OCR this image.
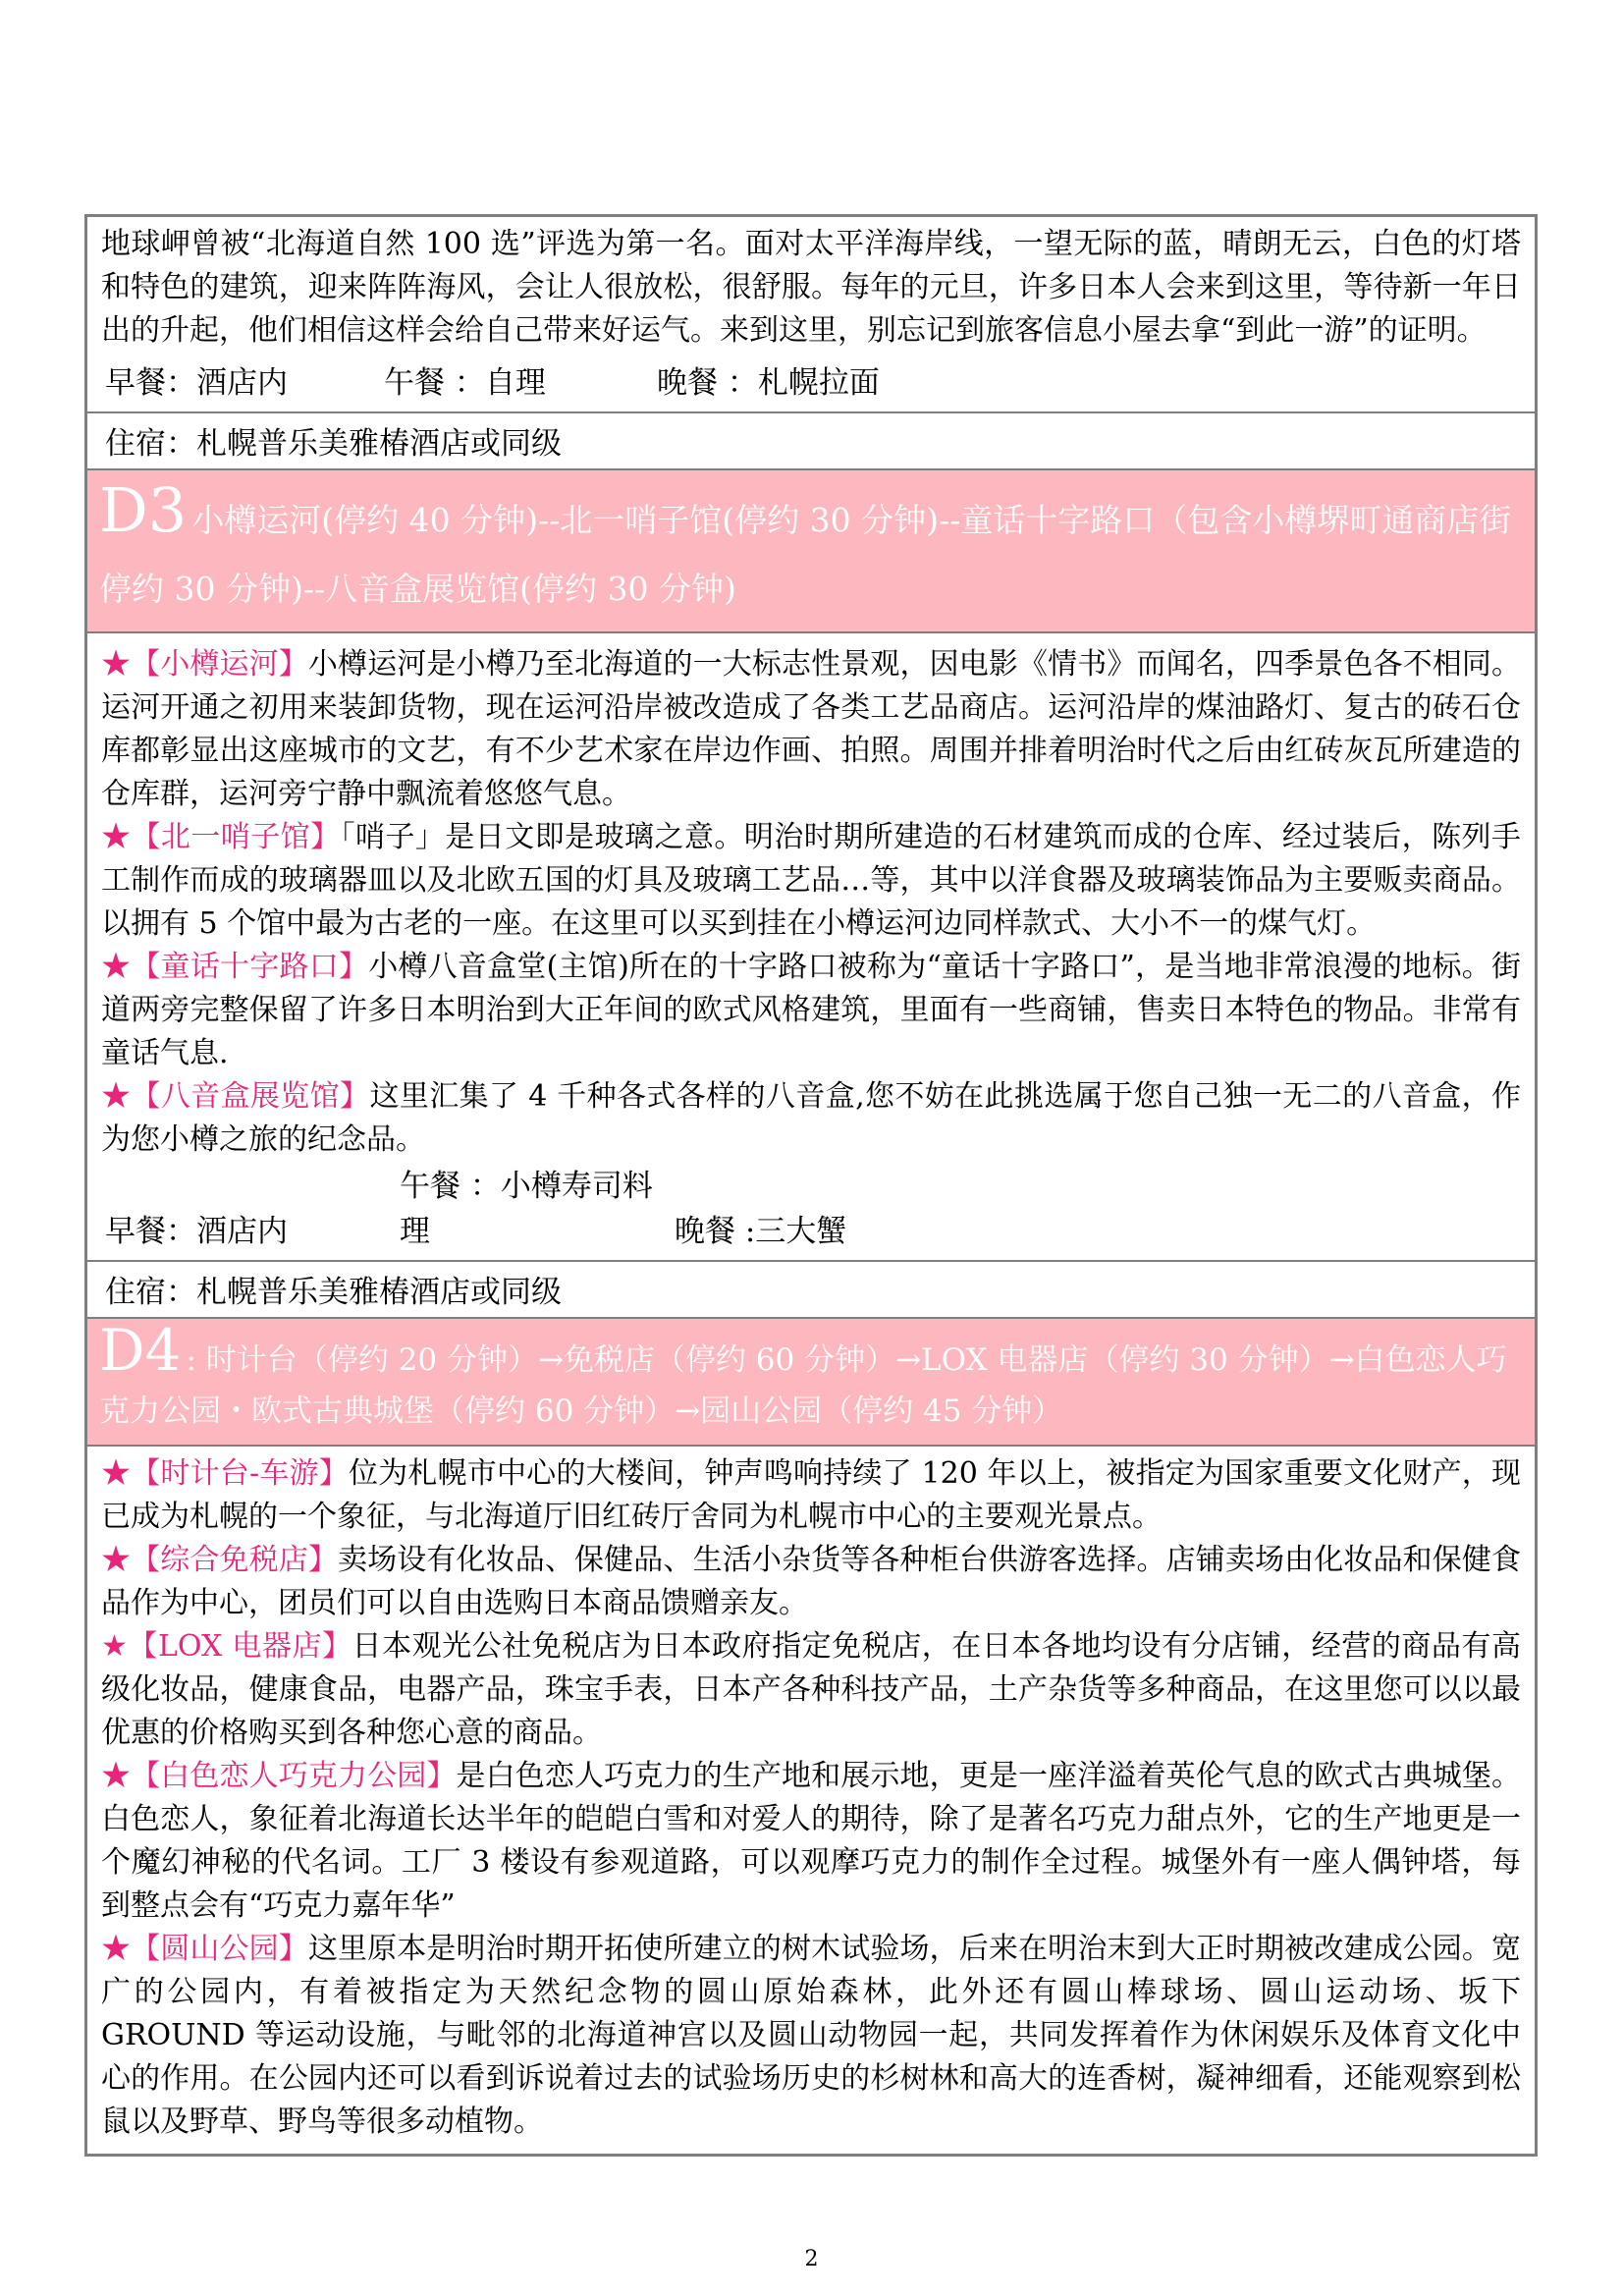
地球岬曾被“北海道自然 100 选”评选为第一名。面对太平洋海岸线，一望无际的蓝，晴朗无云，白色的灯塔和特色的建筑，迎来阵阵海风，会让人很放松，很舒服。每年的元旦，许多日本人会来到这里，等待新一年日出的升起，他们相信这样会给自己带来好运气。来到这里，别忘记到旅客信息小屋去拿“到此一游”的证明。

早餐：酒店内	午餐 ：自理	晚餐 ：札幌拉面
住宿：札幌普乐美雅椿酒店或同级
D3 小樽运河(停约 40 分钟)--北一哨子馆(停约 30 分钟)--童话十字路口（包含小樽堺町通商店街停约 30 分钟)--八音盒展览馆(停约 30 分钟)

★【小樽运河】小樽运河是小樽乃至北海道的一大标志性景观，因电影《情书》而闻名，四季景色各不相同。运河开通之初用来装卸货物，现在运河沿岸被改造成了各类工艺品商店。运河沿岸的煤油路灯、复古的砖石仓库都彰显出这座城市的文艺，有不少艺术家在岸边作画、拍照。周围并排着明治时代之后由红砖灰瓦所建造的仓库群，运河旁宁静中飘流着悠悠气息。

★【北一哨子馆】「哨子」是日文即是玻璃之意。明治时期所建造的石材建筑而成的仓库、经过装后，陈列手工制作而成的玻璃器皿以及北欧五国的灯具及玻璃工艺品…等，其中以洋食器及玻璃装饰品为主要贩卖商品。以拥有 5 个馆中最为古老的一座。在这里可以买到挂在小樽运河边同样款式、大小不一的煤气灯。

★【童话十字路口】小樽八音盒堂(主馆)所在的十字路口被称为“童话十字路口”，是当地非常浪漫的地标。街道两旁完整保留了许多日本明治到大正年间的欧式风格建筑，里面有一些商铺，售卖日本特色的物品。非常有童话气息.

★【八音盒展览馆】这里汇集了 4 千种各式各样的八音盒,您不妨在此挑选属于您自己独一无二的八音盒，作为您小樽之旅的纪念品。

早餐：酒店内午餐 ：小樽寿司料理	晚餐 :三大蟹
住宿：札幌普乐美雅椿酒店或同级
D4 : 时计台（停约 20 分钟）→免税店（停约 60 分钟）→LOX 电器店（停约 30 分钟）→白色恋人巧克力公园・欧式古典城堡（停约 60 分钟）→园山公园（停约 45 分钟）

★【时计台-车游】位为札幌市中心的大楼间，钟声鸣响持续了 120 年以上，被指定为国家重要文化财产，现已成为札幌的一个象征，与北海道厅旧红砖厅舍同为札幌市中心的主要观光景点。

★【综合免税店】卖场设有化妆品、保健品、生活小杂货等各种柜台供游客选择。店铺卖场由化妆品和保健食品作为中心，团员们可以自由选购日本商品馈赠亲友。

★【LOX 电器店】日本观光公社免税店为日本政府指定免税店，在日本各地均设有分店铺，经营的商品有高级化妆品，健康食品，电器产品，珠宝手表，日本产各种科技产品，土产杂货等多种商品，在这里您可以以最优惠的价格购买到各种您心意的商品。

★【白色恋人巧克力公园】是白色恋人巧克力的生产地和展示地，更是一座洋溢着英伦气息的欧式古典城堡。白色恋人，象征着北海道长达半年的皑皑白雪和对爱人的期待，除了是著名巧克力甜点外，它的生产地更是一个魔幻神秘的代名词。工厂 3 楼设有参观道路，可以观摩巧克力的制作全过程。城堡外有一座人偶钟塔，每到整点会有“巧克力嘉年华”

★【圆山公园】这里原本是明治时期开拓使所建立的树木试验场，后来在明治末到大正时期被改建成公园。宽广的公园内，有着被指定为天然纪念物的圆山原始森林，此外还有圆山棒球场、圆山运动场、坂下 GROUND 等运动设施，与毗邻的北海道神宫以及圆山动物园一起，共同发挥着作为休闲娱乐及体育文化中心的作用。在公园内还可以看到诉说着过去的试验场历史的杉树林和高大的连香树，凝神细看，还能观察到松鼠以及野草、野鸟等很多动植物。

2
